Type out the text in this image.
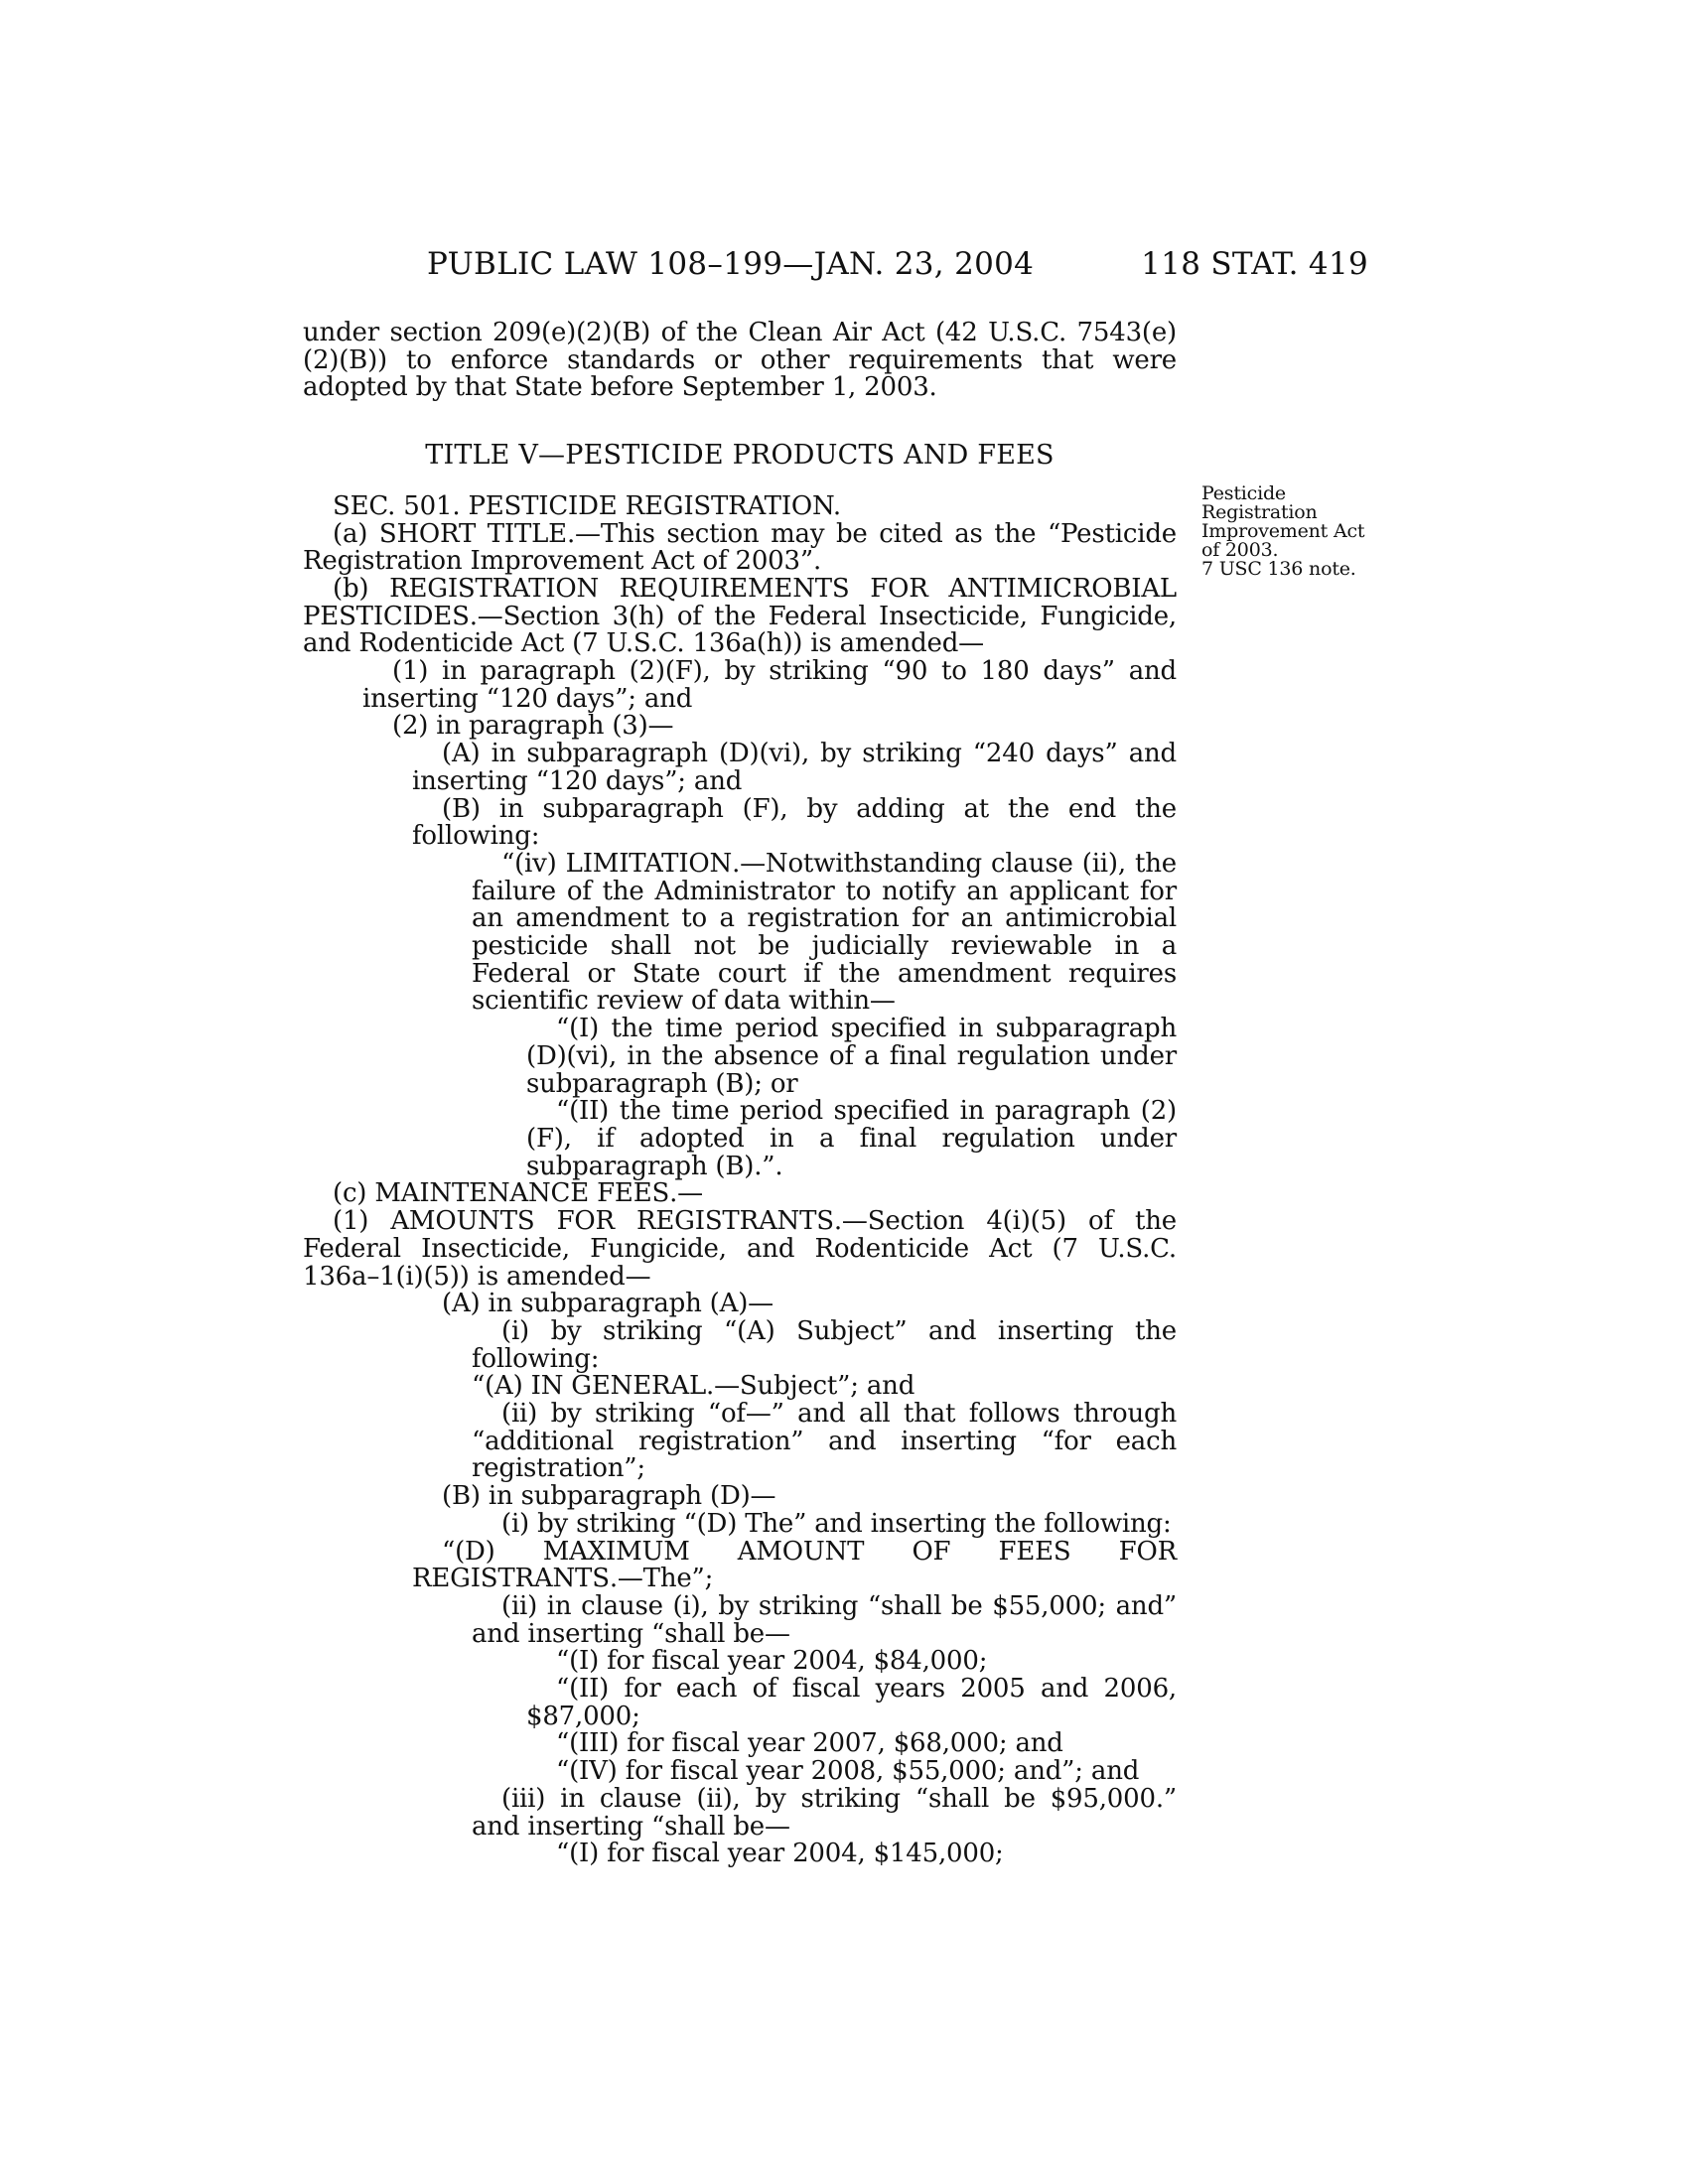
PUBLIC LAW 108–199—JAN. 23, 2004	118 STAT. 419
Pesticide
Registration
Improvement Act
of 2003.
7 USC 136 note.

under section 209(e)(2)(B) of the Clean Air Act (42 U.S.C. 7543(e)(2)(B)) to enforce standards or other requirements that were adopted by that State before September 1, 2003.

TITLE V—PESTICIDE PRODUCTS AND FEES

SEC. 501. PESTICIDE REGISTRATION.

(a) SHORT TITLE.—This section may be cited as the “Pesticide Registration Improvement Act of 2003”.

(b) REGISTRATION REQUIREMENTS FOR ANTIMICROBIAL PESTICIDES.—Section 3(h) of the Federal Insecticide, Fungicide, and Rodenticide Act (7 U.S.C. 136a(h)) is amended—

(1) in paragraph (2)(F), by striking “90 to 180 days” and inserting “120 days”; and

(2) in paragraph (3)—

(A) in subparagraph (D)(vi), by striking “240 days” and inserting “120 days”; and

(B) in subparagraph (F), by adding at the end the following:

“(iv) LIMITATION.—Notwithstanding clause (ii), the failure of the Administrator to notify an applicant for an amendment to a registration for an antimicrobial pesticide shall not be judicially reviewable in a Federal or State court if the amendment requires scientific review of data within—

“(I) the time period specified in subparagraph (D)(vi), in the absence of a final regulation under subparagraph (B); or

“(II) the time period specified in paragraph (2)(F), if adopted in a final regulation under subparagraph (B).”.

(c) MAINTENANCE FEES.—

(1) AMOUNTS FOR REGISTRANTS.—Section 4(i)(5) of the Federal Insecticide, Fungicide, and Rodenticide Act (7 U.S.C. 136a–1(i)(5)) is amended—

(A) in subparagraph (A)—

(i) by striking “(A) Subject” and inserting the following:

“(A) IN GENERAL.—Subject”; and

(ii) by striking “of—” and all that follows through “additional registration” and inserting “for each registration”;

(B) in subparagraph (D)—

(i) by striking “(D) The” and inserting the following:

“(D) MAXIMUM AMOUNT OF FEES FOR REGISTRANTS.—The”;

(ii) in clause (i), by striking “shall be $55,000; and” and inserting “shall be—

“(I) for fiscal year 2004, $84,000;

“(II) for each of fiscal years 2005 and 2006, $87,000;

“(III) for fiscal year 2007, $68,000; and

“(IV) for fiscal year 2008, $55,000; and”; and

(iii) in clause (ii), by striking “shall be $95,000.” and inserting “shall be—

“(I) for fiscal year 2004, $145,000;
